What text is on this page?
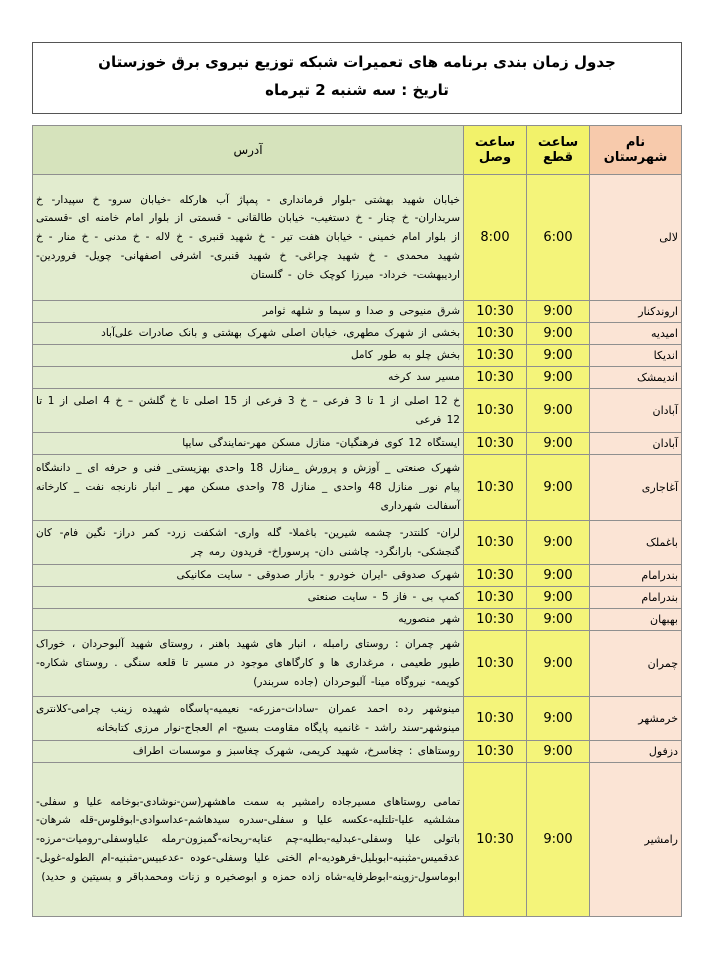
جدول زمان بندی برنامه های تعمیرات شبکه توزیع نیروی برق خوزستان
تاریخ : سه شنبه 2 تیرماه
نام شهرستان	ساعت قطع	ساعت وصل	آدرس
لالی	6:00	8:00	خیابان شهید بهشتی -بلوار فرمانداری - پمپاژ آب هارکله -خیابان سرو- خ سپیدار- خ سربداران- خ چنار - خ دستغیب- خیابان طالقانی - قسمتی از بلوار امام خامنه ای -قسمتی از بلوار امام خمینی - خیابان هفت تیر - خ شهید قنبری - خ لاله - خ مدنی - خ منار - خ شهید محمدی - خ شهید چراغی- خ شهید قنبری- اشرفی اصفهانی- چویل- فروردین-اردیبهشت- خرداد- میرزا کوچک خان - گلستان
اروندکنار	9:00	10:30	شرق منیوحی و صدا و سیما و شلهه ثوامر
امیدیه	9:00	10:30	بخشی از شهرک مطهری، خیابان اصلی شهرک بهشتی و بانک صادرات علی‌آباد
اندیکا	9:00	10:30	بخش چلو به طور کامل
اندیمشک	9:00	10:30	مسیر سد کرخه
آبادان	9:00	10:30	خ 12 اصلی از 1 تا 3 فرعی – خ 3 فرعی از 15 اصلی تا خ گلشن – خ 4 اصلی از 1 تا 12 فرعی
آبادان	9:00	10:30	ایستگاه 12 کوی فرهنگیان- منازل مسکن مهر-نمایندگی سایپا
آغاجاری	9:00	10:30	شهرک صنعتی _ آوزش و پرورش _منازل 18 واحدی بهزیستی_ فنی و حرفه ای _ دانشگاه پیام نور_ منازل 48 واحدی _ منازل 78 واحدی مسکن مهر _ انبار نارنجه نفت _ کارخانه آسفالت شهرداری
باغملک	9:00	10:30	لران- کلنتدر- چشمه شیرین- باغملا- گله واری- اشکفت زرد- کمر دراز- نگین فام- کان گنجشکی- بارانگرد- چاشنی دان- پرسوراخ- فریدون رمه چر
بندرامام	9:00	10:30	شهرک صدوقی -ایران خودرو - بازار صدوقی - سایت مکانیکی
بندرامام	9:00	10:30	کمپ بی - فاز 5 - سایت صنعتی
بهبهان	9:00	10:30	شهر منصوریه
چمران	9:00	10:30	شهر چمران : روستای رامبله ، انبار های شهید باهنر ، روستای شهید آلبوحردان ، خوراک طیور طعیمی ، مرغداری ها و کارگاهای موجود در مسیر تا قلعه سنگی . روستای شکاره- کویمه- نیروگاه مینا- آلبوحردان (جاده سربندر)
خرمشهر	9:00	10:30	مینوشهر رده احمد عمران -سادات-مزرعه- نعیمیه-پاسگاه شهیده زینب چرامی-کلانتری مینوشهر-سند راشد - غانمیه پایگاه مقاومت بسیج- ام العجاج-نوار مرزی کتابخانه
دزفول	9:00	10:30	روستاهای : چغاسرخ، شهید کریمی، شهرک چغاسبز و موسسات اطراف
رامشیر	9:00	10:30	تمامی روستاهای مسیرجاده رامشیر به سمت ماهشهر(سن-نوشادی-بوخامه علیا و سفلی-مشلشیه علیا-تلتلیه-عکسه علیا و سفلی-سدره سیدهاشم-عداسوادی-ابوفلوس-قله شرهان-باتولی علیا وسفلی-عبدلیه-بطلیه-چم عنایه-ریحانه-گمبزون-رمله علیاوسفلی-رومیات-مرزه-عدقمیس-مثبنیه-ابوبلیل-فرهودیه-ام الختی علیا وسفلی-عوده -عدعبیس-مثبنیه-ام الطوله-غوبل-ابوماسول-زوینه-ابوطرفایه-شاه زاده حمزه و ابوصخیره و زنات ومحمدباقر و بسیتین و حدید)
